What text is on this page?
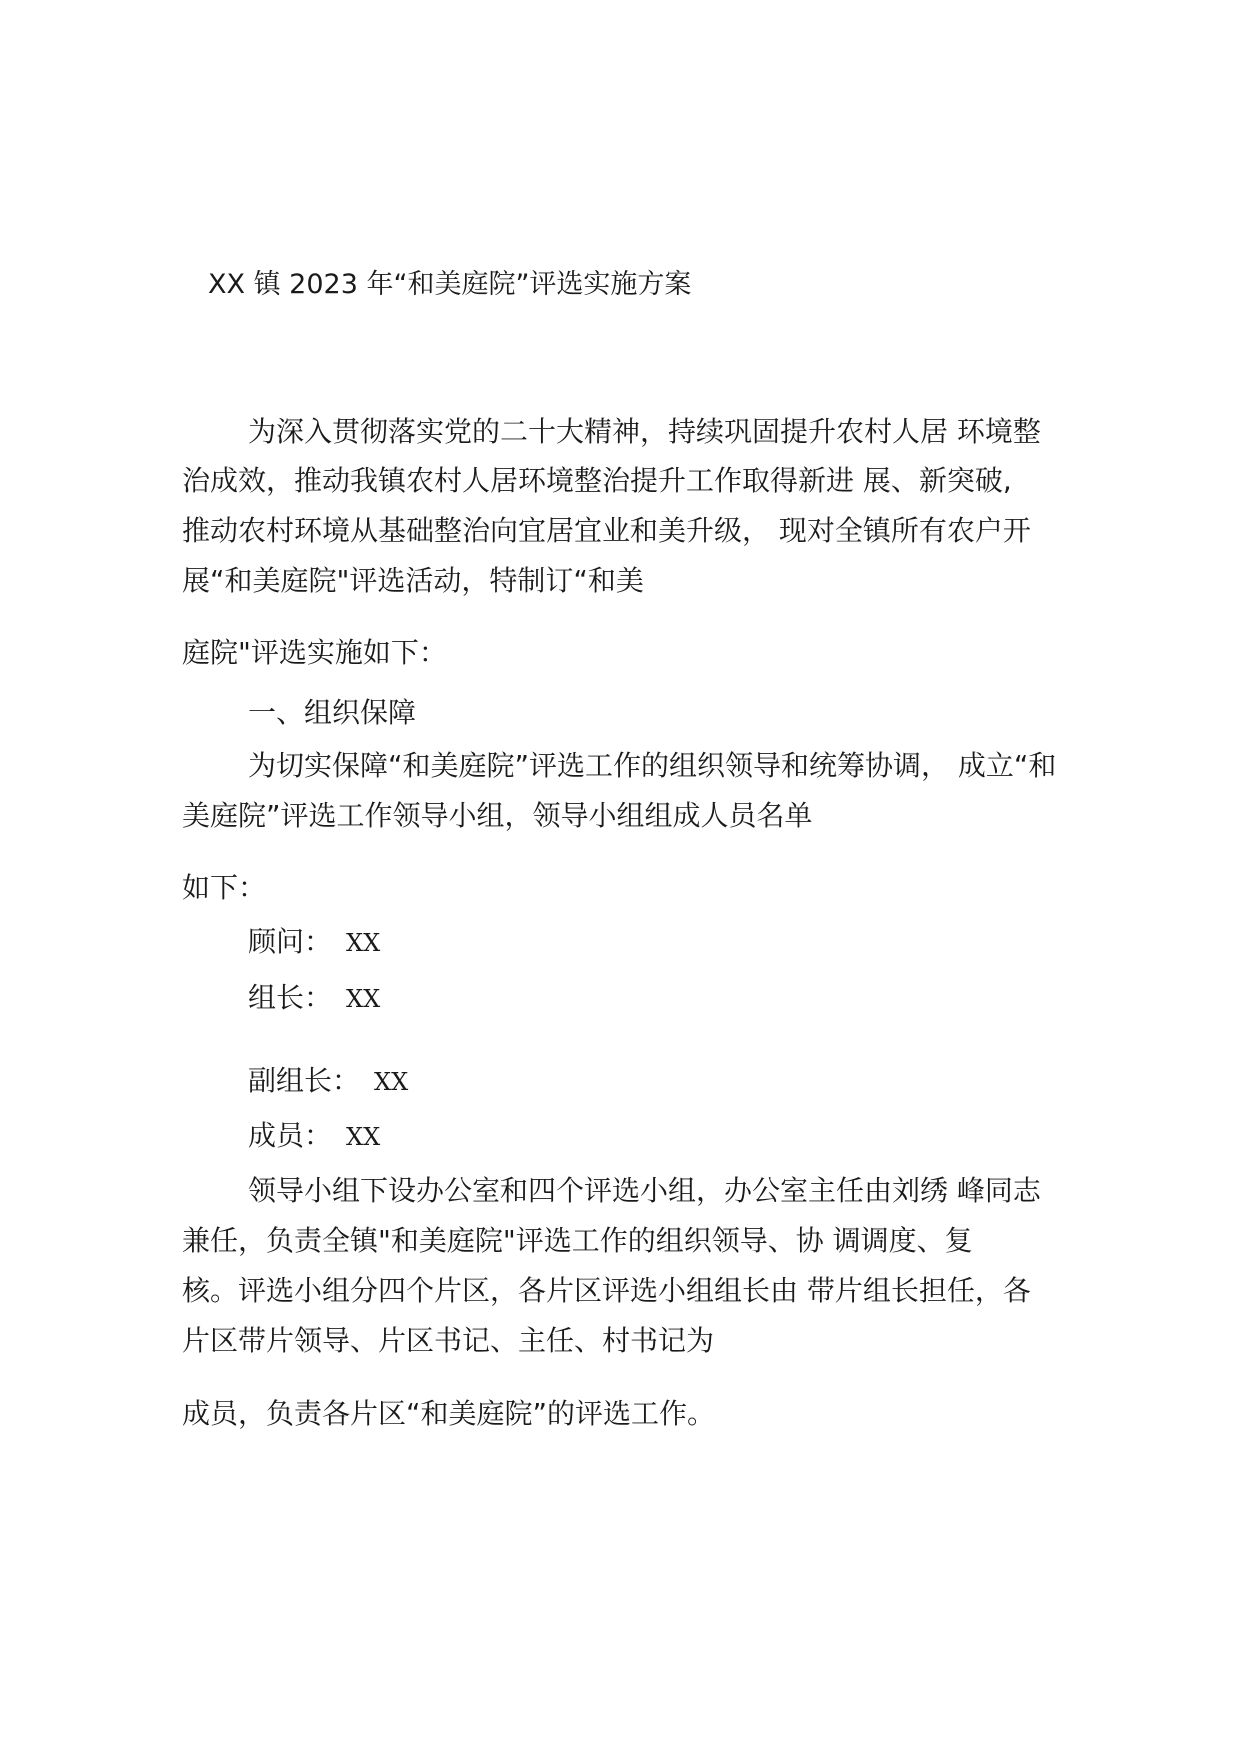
XX 镇 2023 年“和美庭院”评选实施方案
为深入贯彻落实党的二十大精神，持续巩固提升农村人居 环境整
治成效，推动我镇农村人居环境整治提升工作取得新进 展、新突破,
推动农村环境从基础整治向宜居宜业和美升级， 现对全镇所有农户开
展“和美庭院"评选活动，特制订“和美
庭院"评选实施如下：
一、组织保障
为切实保障“和美庭院”评选工作的组织领导和统筹协调， 成立“和
美庭院”评选工作领导小组，领导小组组成人员名单
如下：
顾问： XX
组长： XX
副组长： XX
成员： XX
领导小组下设办公室和四个评选小组，办公室主任由刘绣 峰同志
兼任，负责全镇"和美庭院"评选工作的组织领导、协 调调度、复
核。评选小组分四个片区，各片区评选小组组长由 带片组长担任，各
片区带片领导、片区书记、主任、村书记为
成员，负责各片区“和美庭院”的评选工作。
